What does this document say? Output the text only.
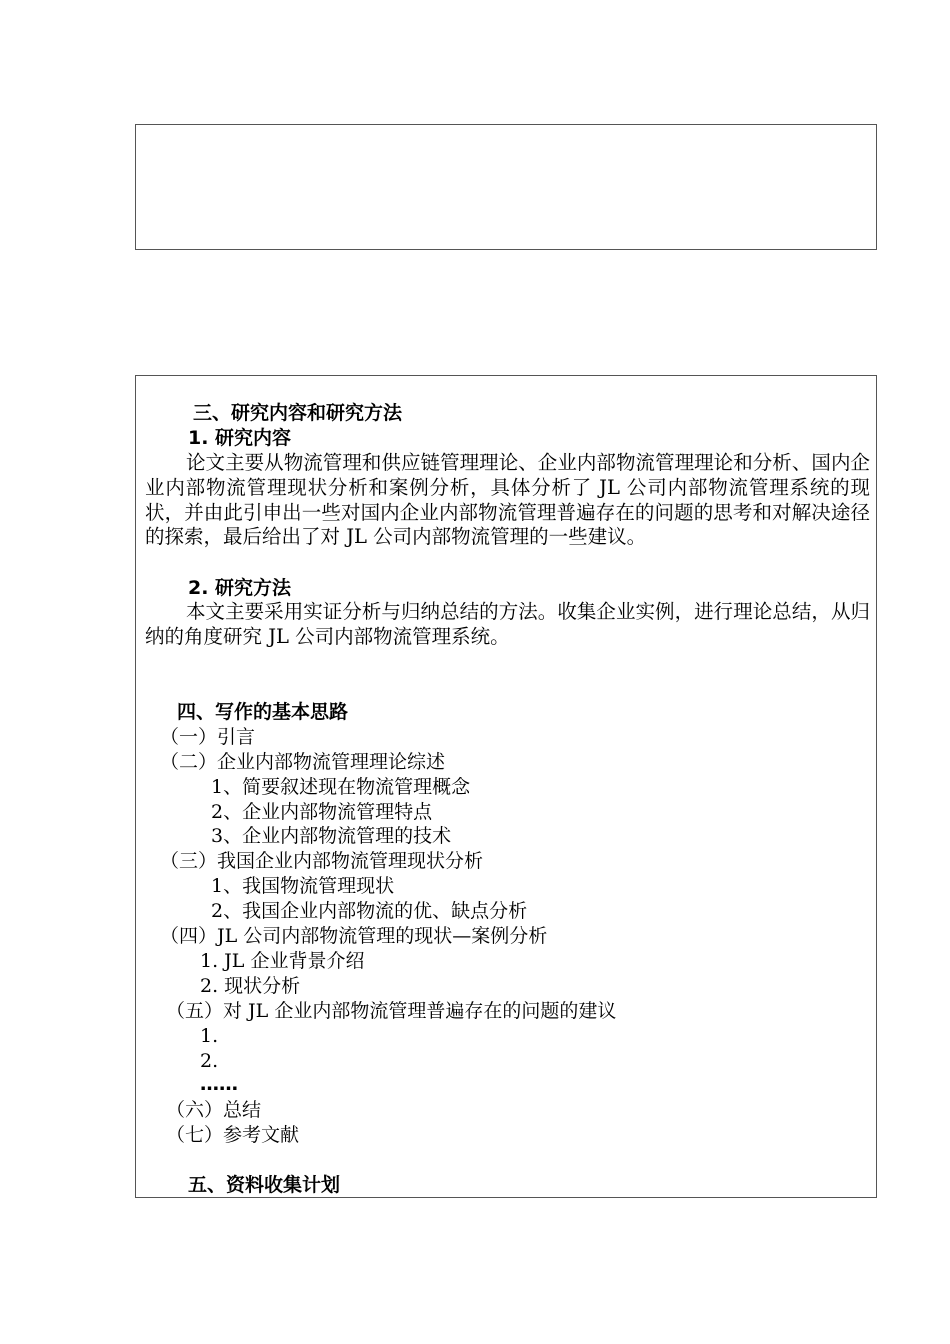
三、研究内容和研究方法
1. 研究内容
论文主要从物流管理和供应链管理理论、企业内部物流管理理论和分析、国内企业内部物流管理现状分析和案例分析，具体分析了 JL 公司内部物流管理系统的现状，并由此引申出一些对国内企业内部物流管理普遍存在的问题的思考和对解决途径的探索，最后给出了对 JL 公司内部物流管理的一些建议。
2. 研究方法
本文主要采用实证分析与归纳总结的方法。收集企业实例，进行理论总结，从归纳的角度研究 JL 公司内部物流管理系统。
四、写作的基本思路
（一）引言
（二）企业内部物流管理理论综述
1、简要叙述现在物流管理概念
2、企业内部物流管理特点
3、企业内部物流管理的技术
（三）我国企业内部物流管理现状分析
1、我国物流管理现状
2、我国企业内部物流的优、缺点分析
（四）JL 公司内部物流管理的现状—案例分析
1. JL 企业背景介绍
2. 现状分析
（五）对 JL 企业内部物流管理普遍存在的问题的建议
1.
2.
……
（六）总结
（七）参考文献
五、资料收集计划
